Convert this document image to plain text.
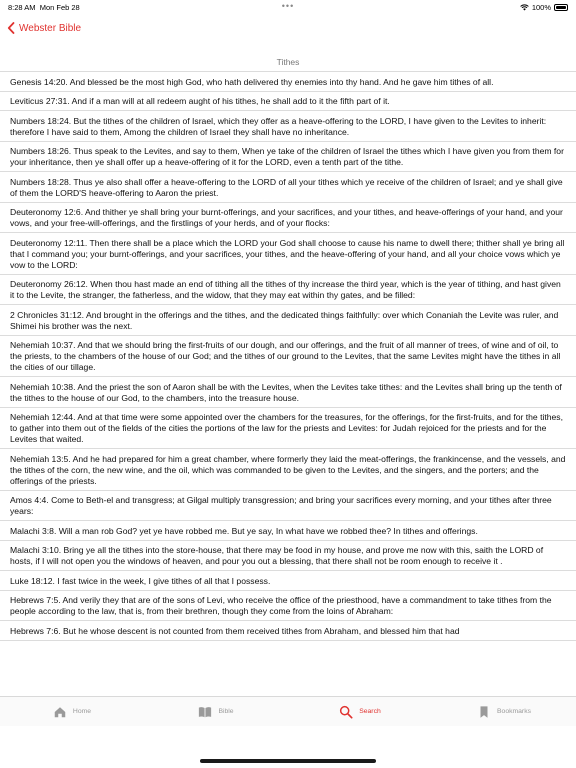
8:28 AM Mon Feb 28	•••	100%
Webster Bible
Tithes
Genesis 14:20. And blessed be the most high God, who hath delivered thy enemies into thy hand. And he gave him tithes of all.
Leviticus 27:31. And if a man will at all redeem aught of his tithes, he shall add to it the fifth part of it.
Numbers 18:24. But the tithes of the children of Israel, which they offer as a heave-offering to the LORD, I have given to the Levites to inherit: therefore I have said to them, Among the children of Israel they shall have no inheritance.
Numbers 18:26. Thus speak to the Levites, and say to them, When ye take of the children of Israel the tithes which I have given you from them for your inheritance, then ye shall offer up a heave-offering of it for the LORD, even a tenth part of the tithe.
Numbers 18:28. Thus ye also shall offer a heave-offering to the LORD of all your tithes which ye receive of the children of Israel; and ye shall give of them the LORD'S heave-offering to Aaron the priest.
Deuteronomy 12:6. And thither ye shall bring your burnt-offerings, and your sacrifices, and your tithes, and heave-offerings of your hand, and your vows, and your free-will-offerings, and the firstlings of your herds, and of your flocks:
Deuteronomy 12:11. Then there shall be a place which the LORD your God shall choose to cause his name to dwell there; thither shall ye bring all that I command you; your burnt-offerings, and your sacrifices, your tithes, and the heave-offering of your hand, and all your choice vows which ye vow to the LORD:
Deuteronomy 26:12. When thou hast made an end of tithing all the tithes of thy increase the third year, which is the year of tithing, and hast given it to the Levite, the stranger, the fatherless, and the widow, that they may eat within thy gates, and be filled:
2 Chronicles 31:12. And brought in the offerings and the tithes, and the dedicated things faithfully: over which Conaniah the Levite was ruler, and Shimei his brother was the next.
Nehemiah 10:37. And that we should bring the first-fruits of our dough, and our offerings, and the fruit of all manner of trees, of wine and of oil, to the priests, to the chambers of the house of our God; and the tithes of our ground to the Levites, that the same Levites might have the tithes in all the cities of our tillage.
Nehemiah 10:38. And the priest the son of Aaron shall be with the Levites, when the Levites take tithes: and the Levites shall bring up the tenth of the tithes to the house of our God, to the chambers, into the treasure house.
Nehemiah 12:44. And at that time were some appointed over the chambers for the treasures, for the offerings, for the first-fruits, and for the tithes, to gather into them out of the fields of the cities the portions of the law for the priests and Levites: for Judah rejoiced for the priests and for the Levites that waited.
Nehemiah 13:5. And he had prepared for him a great chamber, where formerly they laid the meat-offerings, the frankincense, and the vessels, and the tithes of the corn, the new wine, and the oil, which was commanded to be given to the Levites, and the singers, and the porters; and the offerings of the priests.
Amos 4:4. Come to Beth-el and transgress; at Gilgal multiply transgression; and bring your sacrifices every morning, and your tithes after three years:
Malachi 3:8. Will a man rob God? yet ye have robbed me. But ye say, In what have we robbed thee? In tithes and offerings.
Malachi 3:10. Bring ye all the tithes into the store-house, that there may be food in my house, and prove me now with this, saith the LORD of hosts, if I will not open you the windows of heaven, and pour you out a blessing, that there shall not be room enough to receive it .
Luke 18:12. I fast twice in the week, I give tithes of all that I possess.
Hebrews 7:5. And verily they that are of the sons of Levi, who receive the office of the priesthood, have a commandment to take tithes from the people according to the law, that is, from their brethren, though they come from the loins of Abraham:
Hebrews 7:6. But he whose descent is not counted from them received tithes from Abraham, and blessed him that had
Home	Bible	Search	Bookmarks
